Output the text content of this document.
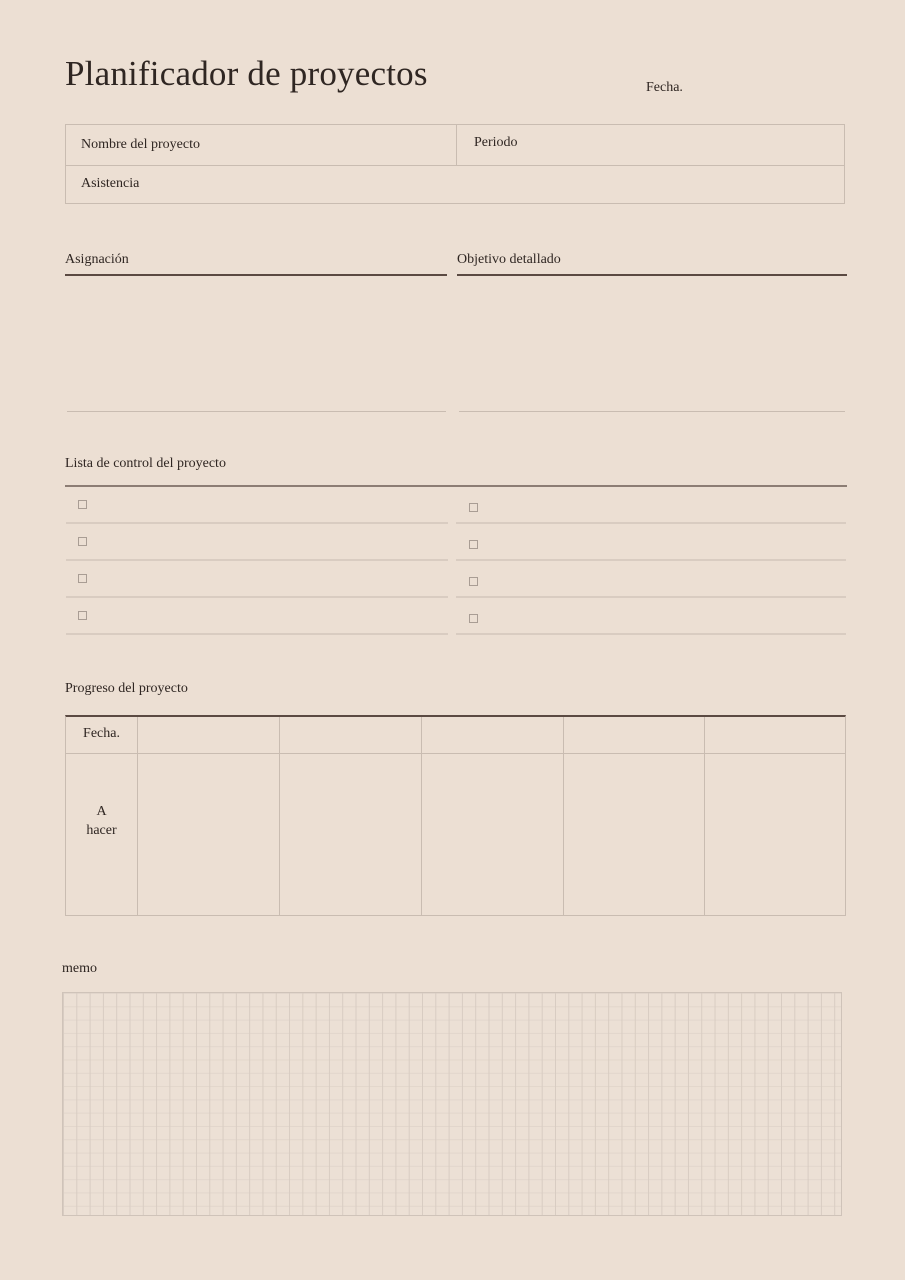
Planificador de proyectos	Fecha.
Nombre del proyecto	Periodo
Asistencia
Asignación	Objetivo detallado
Lista de control del proyecto
Progreso del proyecto
Fecha.
A
hacer
memo
